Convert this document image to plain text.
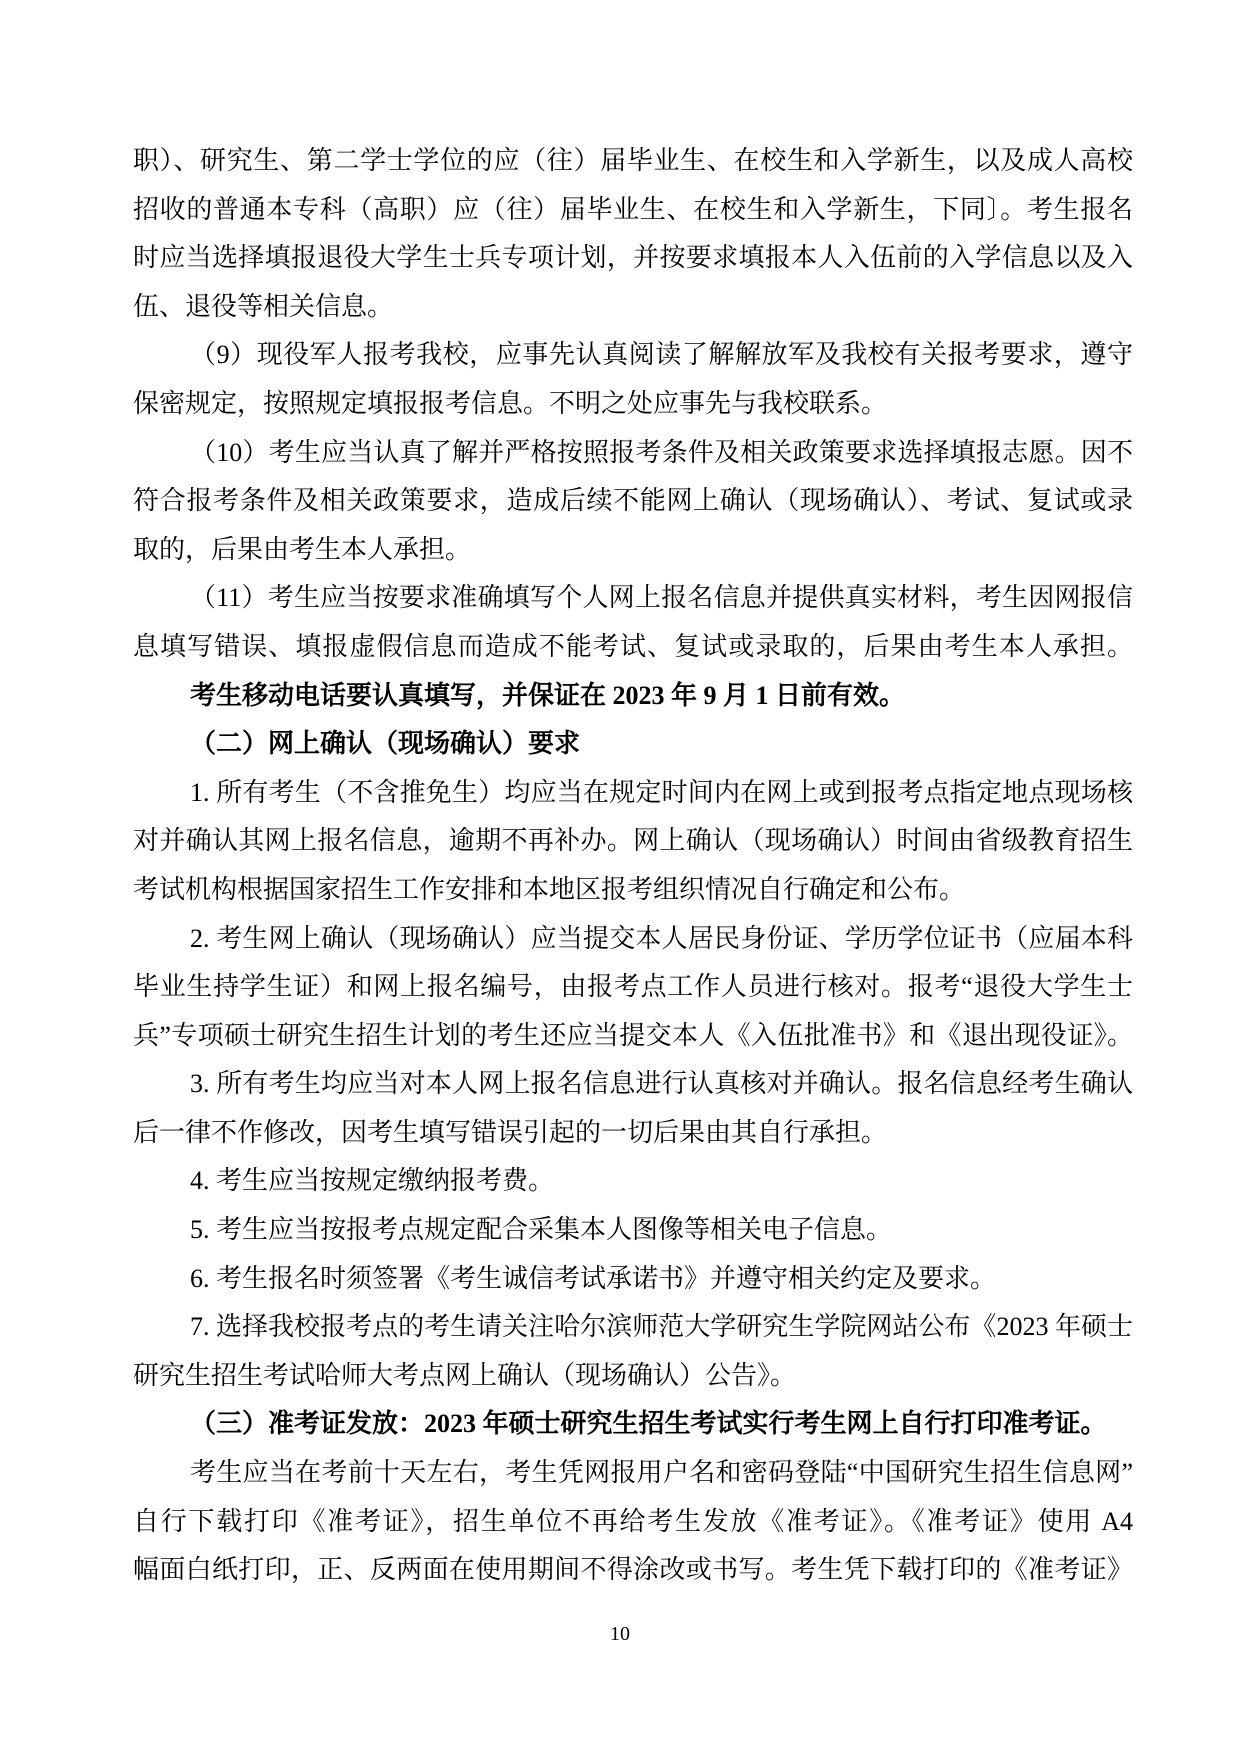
职）、研究生、第二学士学位的应（往）届毕业生、在校生和入学新生，以及成人高校
招收的普通本专科（高职）应（往）届毕业生、在校生和入学新生，下同〕。考生报名
时应当选择填报退役大学生士兵专项计划，并按要求填报本人入伍前的入学信息以及入
伍、退役等相关信息。
（9）现役军人报考我校，应事先认真阅读了解解放军及我校有关报考要求，遵守
保密规定，按照规定填报报考信息。不明之处应事先与我校联系。
（10）考生应当认真了解并严格按照报考条件及相关政策要求选择填报志愿。因不
符合报考条件及相关政策要求，造成后续不能网上确认（现场确认）、考试、复试或录
取的，后果由考生本人承担。
（11）考生应当按要求准确填写个人网上报名信息并提供真实材料，考生因网报信
息填写错误、填报虚假信息而造成不能考试、复试或录取的，后果由考生本人承担。
考生移动电话要认真填写，并保证在 2023 年 9 月 1 日前有效。
（二）网上确认（现场确认）要求
1. 所有考生（不含推免生）均应当在规定时间内在网上或到报考点指定地点现场核
对并确认其网上报名信息，逾期不再补办。网上确认（现场确认）时间由省级教育招生
考试机构根据国家招生工作安排和本地区报考组织情况自行确定和公布。
2. 考生网上确认（现场确认）应当提交本人居民身份证、学历学位证书（应届本科
毕业生持学生证）和网上报名编号，由报考点工作人员进行核对。报考“退役大学生士
兵”专项硕士研究生招生计划的考生还应当提交本人《入伍批准书》和《退出现役证》。
3. 所有考生均应当对本人网上报名信息进行认真核对并确认。报名信息经考生确认
后一律不作修改，因考生填写错误引起的一切后果由其自行承担。
4. 考生应当按规定缴纳报考费。
5. 考生应当按报考点规定配合采集本人图像等相关电子信息。
6. 考生报名时须签署《考生诚信考试承诺书》并遵守相关约定及要求。
7. 选择我校报考点的考生请关注哈尔滨师范大学研究生学院网站公布《2023 年硕士
研究生招生考试哈师大考点网上确认（现场确认）公告》。
（三）准考证发放：2023 年硕士研究生招生考试实行考生网上自行打印准考证。
考生应当在考前十天左右，考生凭网报用户名和密码登陆“中国研究生招生信息网”
自行下载打印《准考证》，招生单位不再给考生发放《准考证》。《准考证》使用 A4
幅面白纸打印，正、反两面在使用期间不得涂改或书写。考生凭下载打印的《准考证》
10
